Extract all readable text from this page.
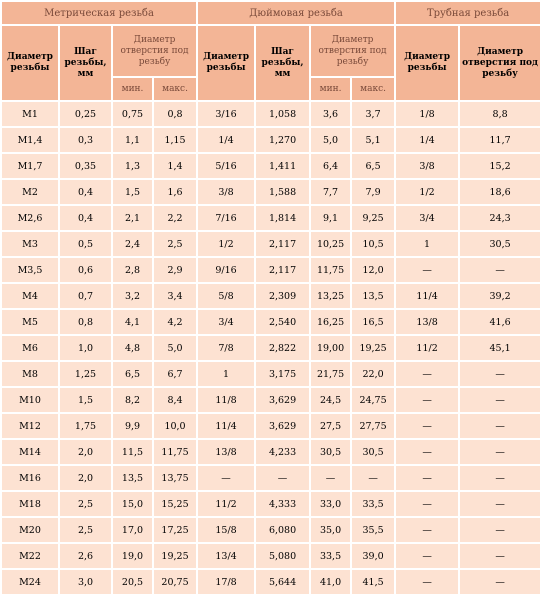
Метрическая резьба				Дюймовая резьба				Трубная резьба	
Диаметр резьбы	Шаг резьбы, мм	Диаметр отверстия под резьбу		Диаметр резьбы	Шаг резьбы, мм	Диаметр отверстия под резьбу		Диаметр резьбы	Диаметр отверстия под резьбу
		мин.	макс.			мин.	макс.		
M1	0,25	0,75	0,8	3/16	1,058	3,6	3,7	1/8	8,8
M1,4	0,3	1,1	1,15	1/4	1,270	5,0	5,1	1/4	11,7
M1,7	0,35	1,3	1,4	5/16	1,411	6,4	6,5	3/8	15,2
M2	0,4	1,5	1,6	3/8	1,588	7,7	7,9	1/2	18,6
M2,6	0,4	2,1	2,2	7/16	1,814	9,1	9,25	3/4	24,3
M3	0,5	2,4	2,5	1/2	2,117	10,25	10,5	1	30,5
M3,5	0,6	2,8	2,9	9/16	2,117	11,75	12,0	—	—
M4	0,7	3,2	3,4	5/8	2,309	13,25	13,5	11/4	39,2
M5	0,8	4,1	4,2	3/4	2,540	16,25	16,5	13/8	41,6
M6	1,0	4,8	5,0	7/8	2,822	19,00	19,25	11/2	45,1
M8	1,25	6,5	6,7	1	3,175	21,75	22,0	—	—
M10	1,5	8,2	8,4	11/8	3,629	24,5	24,75	—	—
M12	1,75	9,9	10,0	11/4	3,629	27,5	27,75	—	—
M14	2,0	11,5	11,75	13/8	4,233	30,5	30,5	—	—
M16	2,0	13,5	13,75	—	—	—	—	—	—
M18	2,5	15,0	15,25	11/2	4,333	33,0	33,5	—	—
M20	2,5	17,0	17,25	15/8	6,080	35,0	35,5	—	—
M22	2,6	19,0	19,25	13/4	5,080	33,5	39,0	—	—
M24	3,0	20,5	20,75	17/8	5,644	41,0	41,5	—	—
